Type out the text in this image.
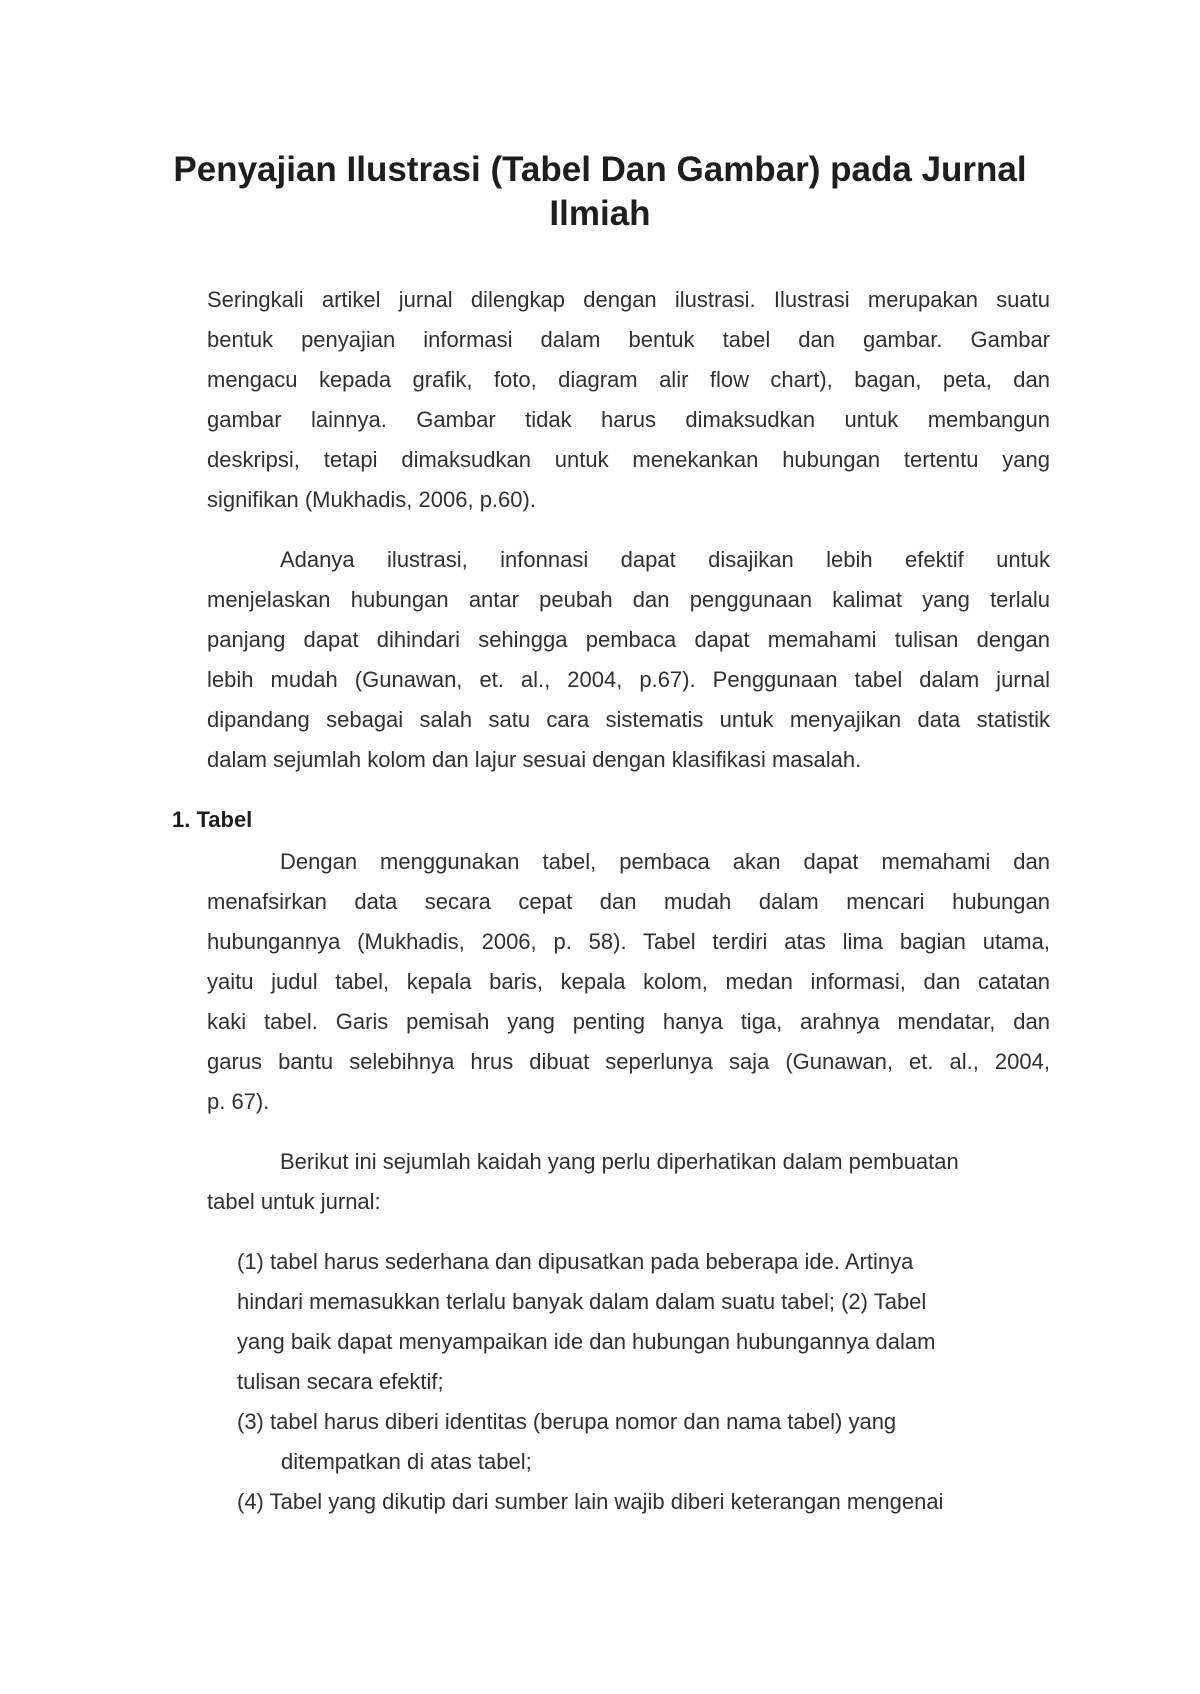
Penyajian Ilustrasi (Tabel Dan Gambar) pada Jurnal
Ilmiah
Seringkali artikel jurnal dilengkap dengan ilustrasi. Ilustrasi merupakan suatu
bentuk penyajian informasi dalam bentuk tabel dan gambar. Gambar
mengacu kepada grafik, foto, diagram alir flow chart), bagan, peta, dan
gambar lainnya. Gambar tidak harus dimaksudkan untuk membangun
deskripsi, tetapi dimaksudkan untuk menekankan hubungan tertentu yang
signifikan (Mukhadis, 2006, p.60).
Adanya ilustrasi, infonnasi dapat disajikan lebih efektif untuk
menjelaskan hubungan antar peubah dan penggunaan kalimat yang terlalu
panjang dapat dihindari sehingga pembaca dapat memahami tulisan dengan
lebih mudah (Gunawan, et. al., 2004, p.67). Penggunaan tabel dalam jurnal
dipandang sebagai salah satu cara sistematis untuk menyajikan data statistik
dalam sejumlah kolom dan lajur sesuai dengan klasifikasi masalah.
1. Tabel
Dengan menggunakan tabel, pembaca akan dapat memahami dan
menafsirkan data secara cepat dan mudah dalam mencari hubungan
hubungannya (Mukhadis, 2006, p. 58). Tabel terdiri atas lima bagian utama,
yaitu judul tabel, kepala baris, kepala kolom, medan informasi, dan catatan
kaki tabel. Garis pemisah yang penting hanya tiga, arahnya mendatar, dan
garus bantu selebihnya hrus dibuat seperlunya saja (Gunawan, et. al., 2004,
p. 67).
Berikut ini sejumlah kaidah yang perlu diperhatikan dalam pembuatan
tabel untuk jurnal:
(1) tabel harus sederhana dan dipusatkan pada beberapa ide. Artinya
hindari memasukkan terlalu banyak dalam dalam suatu tabel; (2) Tabel
yang baik dapat menyampaikan ide dan hubungan hubungannya dalam
tulisan secara efektif;
(3) tabel harus diberi identitas (berupa nomor dan nama tabel) yang
ditempatkan di atas tabel;
(4) Tabel yang dikutip dari sumber lain wajib diberi keterangan mengenai
